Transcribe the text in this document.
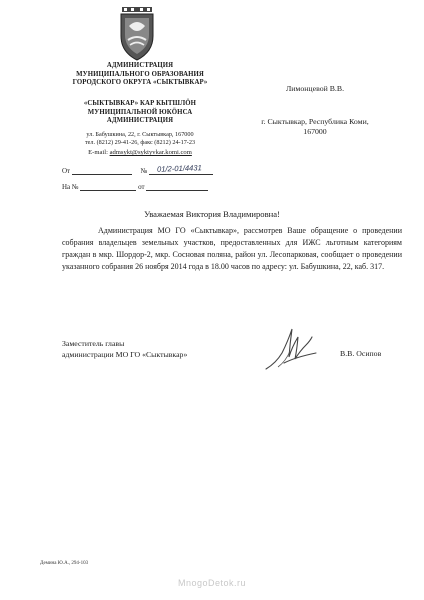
АДМИНИСТРАЦИЯ
МУНИЦИПАЛЬНОГО ОБРАЗОВАНИЯ
ГОРОДСКОГО ОКРУГА «СЫКТЫВКАР»
«СЫКТЫВКАР» КАР КЫТШЛӦН
МУНИЦИПАЛЬНОЙ ЮКӦНСА
АДМИНИСТРАЦИЯ
ул. Бабушкина, 22, г. Сыктывкар, 167000
тел. (8212) 29-41-26, факс (8212) 24-17-23
E-mail: admsykt@syktyvkar.komi.com
От	№	01/2-01/4431
На №	от
Лимонцевой В.В.
г. Сыктывкар, Республика Коми,
167000
Уважаемая Виктория Владимировна!
Администрация МО ГО «Сыктывкар», рассмотрев Ваше обращение о проведении собрания владельцев земельных участков, предоставленных для ИЖС льготным категориям граждан в мкр. Шордор-2, мкр. Сосновая поляна, район ул. Лесопарковая, сообщает о проведении указанного собрания 26 ноября 2014 года в 18.00 часов по адресу: ул. Бабушкина, 22, каб. 317.
Заместитель главы
администрации МО ГО «Сыктывкар»	В.В. Осипов
Демина Ю.А., 294-103
MnogoDetok.ru
